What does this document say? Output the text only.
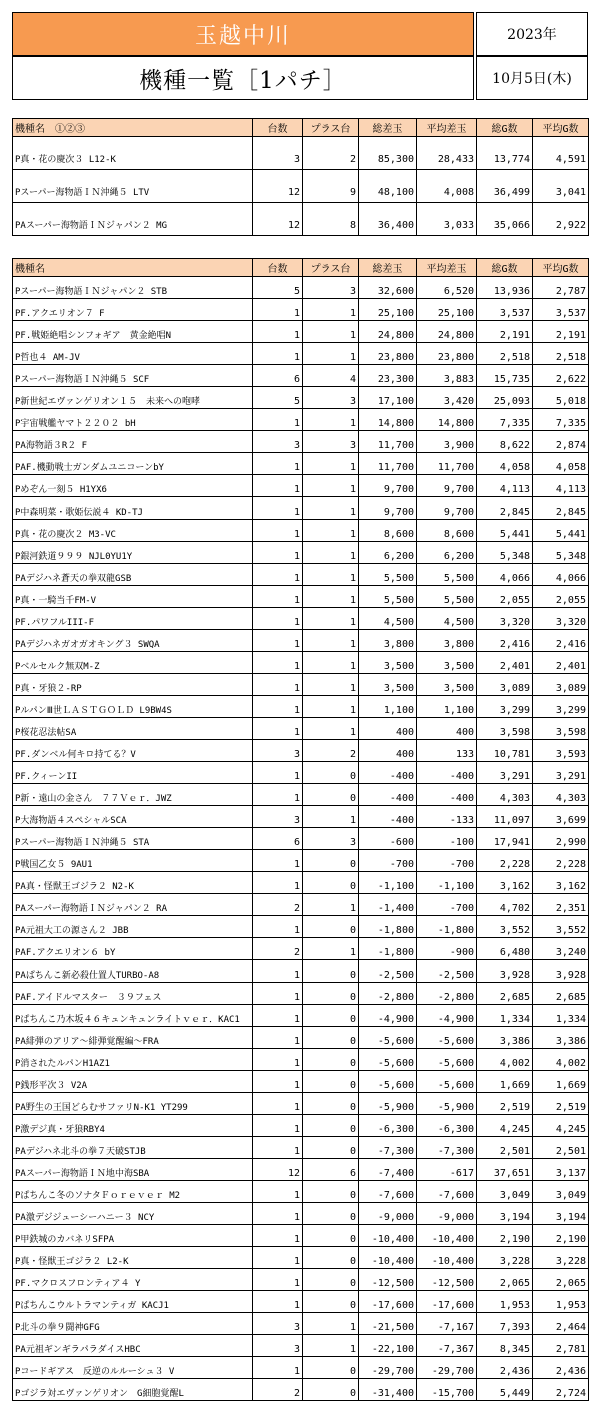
玉越中川	2023年
機種一覧［1パチ］	10月5日(木)
機種名　①②③	台数	プラス台	総差玉	平均差玉	総G数	平均G数
P真・花の慶次３ L12-K	3	2	85,300	28,433	13,774	4,591
Pスーパー海物語ＩＮ沖縄５ LTV	12	9	48,100	4,008	36,499	3,041
PAスーパー海物語ＩＮジャパン２ MG	12	8	36,400	3,033	35,066	2,922
機種名	台数	プラス台	総差玉	平均差玉	総G数	平均G数
Pスーパー海物語ＩＮジャパン２ STB	5	3	32,600	6,520	13,936	2,787
PF.アクエリオン７ F	1	1	25,100	25,100	3,537	3,537
PF.戦姫絶唱シンフォギア　黄金絶唱N	1	1	24,800	24,800	2,191	2,191
P哲也４ AM-JV	1	1	23,800	23,800	2,518	2,518
Pスーパー海物語ＩＮ沖縄５ SCF	6	4	23,300	3,883	15,735	2,622
P新世紀エヴァンゲリオン１５　未来への咆哮	5	3	17,100	3,420	25,093	5,018
P宇宙戦艦ヤマト２２０２ bH	1	1	14,800	14,800	7,335	7,335
PA海物語３R２ F	3	3	11,700	3,900	8,622	2,874
PAF.機動戦士ガンダムユニコーンbY	1	1	11,700	11,700	4,058	4,058
Pめぞん一刻５ H1YX6	1	1	9,700	9,700	4,113	4,113
P中森明菜・歌姫伝説４ KD-TJ	1	1	9,700	9,700	2,845	2,845
P真・花の慶次２ M3-VC	1	1	8,600	8,600	5,441	5,441
P銀河鉄道９９９ NJL0YU1Y	1	1	6,200	6,200	5,348	5,348
PAデジハネ蒼天の拳双龍GSB	1	1	5,500	5,500	4,066	4,066
P真・一騎当千FM-V	1	1	5,500	5,500	2,055	2,055
PF.パワフルIII-F	1	1	4,500	4,500	3,320	3,320
PAデジハネガオガオキング３ SWQA	1	1	3,800	3,800	2,416	2,416
Pベルセルク無双M-Z	1	1	3,500	3,500	2,401	2,401
P真・牙狼２-RP	1	1	3,500	3,500	3,089	3,089
PルパンⅢ世ＬＡＳＴＧＯＬＤ L9BW4S	1	1	1,100	1,100	3,299	3,299
P桜花忍法帖SA	1	1	400	400	3,598	3,598
PF.ダンベル何キロ持てる？V	3	2	400	133	10,781	3,593
PF.クィーンII	1	0	-400	-400	3,291	3,291
P新・遠山の金さん　７７Ｖｅｒ．JWZ	1	0	-400	-400	4,303	4,303
P大海物語４スペシャルSCA	3	1	-400	-133	11,097	3,699
Pスーパー海物語ＩＮ沖縄５ STA	6	3	-600	-100	17,941	2,990
P戦国乙女５ 9AU1	1	0	-700	-700	2,228	2,228
PA真・怪獣王ゴジラ２ N2-K	1	0	-1,100	-1,100	3,162	3,162
PAスーパー海物語ＩＮジャパン２ RA	2	1	-1,400	-700	4,702	2,351
PA元祖大工の源さん２ JBB	1	0	-1,800	-1,800	3,552	3,552
PAF.アクエリオン６ bY	2	1	-1,800	-900	6,480	3,240
PAぱちんこ新必殺仕置人TURBO-A8	1	0	-2,500	-2,500	3,928	3,928
PAF.アイドルマスター　３９フェス	1	0	-2,800	-2,800	2,685	2,685
Pぱちんこ乃木坂４６キュンキュンライトｖｅｒ．KAC1	1	0	-4,900	-4,900	1,334	1,334
PA緋弾のアリア～緋弾覚醒編～FRA	1	0	-5,600	-5,600	3,386	3,386
P消されたルパンH1AZ1	1	0	-5,600	-5,600	4,002	4,002
P銭形平次３ V2A	1	0	-5,600	-5,600	1,669	1,669
PA野生の王国どらむサファリN-K1 YT299	1	0	-5,900	-5,900	2,519	2,519
P激デジ真・牙狼RBY4	1	0	-6,300	-6,300	4,245	4,245
PAデジハネ北斗の拳７天破STJB	1	0	-7,300	-7,300	2,501	2,501
PAスーパー海物語ＩＮ地中海SBA	12	6	-7,400	-617	37,651	3,137
Pぱちんこ冬のソナタＦｏｒｅｖｅｒ M2	1	0	-7,600	-7,600	3,049	3,049
PA激デジジューシーハニー３ NCY	1	0	-9,000	-9,000	3,194	3,194
P甲鉄城のカバネリSFPA	1	0	-10,400	-10,400	2,190	2,190
P真・怪獣王ゴジラ２ L2-K	1	0	-10,400	-10,400	3,228	3,228
PF.マクロスフロンティア４ Y	1	0	-12,500	-12,500	2,065	2,065
Pぱちんこウルトラマンティガ KACJ1	1	0	-17,600	-17,600	1,953	1,953
P北斗の拳９闘神GFG	3	1	-21,500	-7,167	7,393	2,464
PA元祖ギンギラパラダイスHBC	3	1	-22,100	-7,367	8,345	2,781
Pコードギアス　反逆のルルーシュ３ V	1	0	-29,700	-29,700	2,436	2,436
Pゴジラ対エヴァンゲリオン　G細胞覚醒L	2	0	-31,400	-15,700	5,449	2,724
